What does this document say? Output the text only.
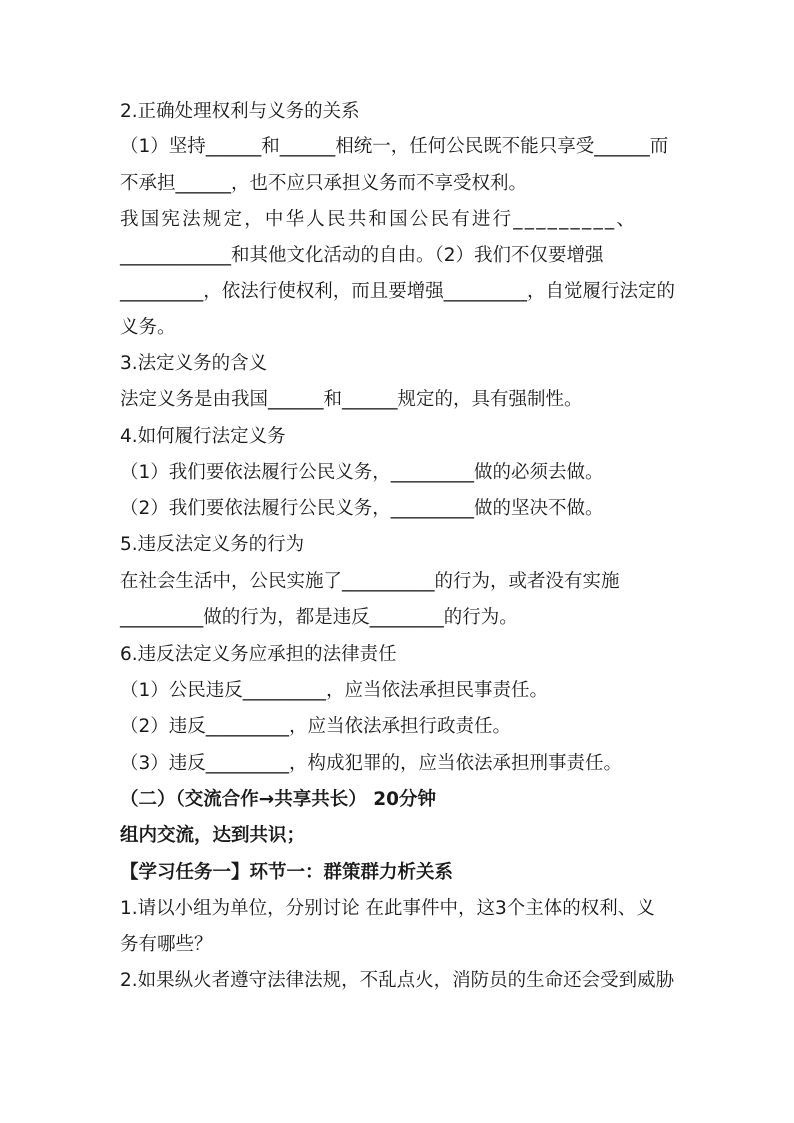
2.正确处理权利与义务的关系
（1）坚持______和______相统一，任何公民既不能只享受______而
不承担______，也不应只承担义务而不享受权利。
我国宪法规定，中华人民共和国公民有进行_________、
____________和其他文化活动的自由。（2）我们不仅要增强
_________，依法行使权利，而且要增强_________，自觉履行法定的
义务。
3.法定义务的含义
法定义务是由我国______和______规定的，具有强制性。
4.如何履行法定义务
（1）我们要依法履行公民义务，_________做的必须去做。
（2）我们要依法履行公民义务，_________做的坚决不做。
5.违反法定义务的行为
在社会生活中，公民实施了__________的行为，或者没有实施
_________做的行为，都是违反________的行为。
6.违反法定义务应承担的法律责任
（1）公民违反_________，应当依法承担民事责任。
（2）违反_________，应当依法承担行政责任。
（3）违反_________，构成犯罪的，应当依法承担刑事责任。
（二）（交流合作→共享共长） 20分钟
组内交流，达到共识；
【学习任务一】环节一：群策群力析关系
1.请以小组为单位，分别讨论 在此事件中，这3个主体的权利、义
务有哪些？
2.如果纵火者遵守法律法规，不乱点火，消防员的生命还会受到威胁
